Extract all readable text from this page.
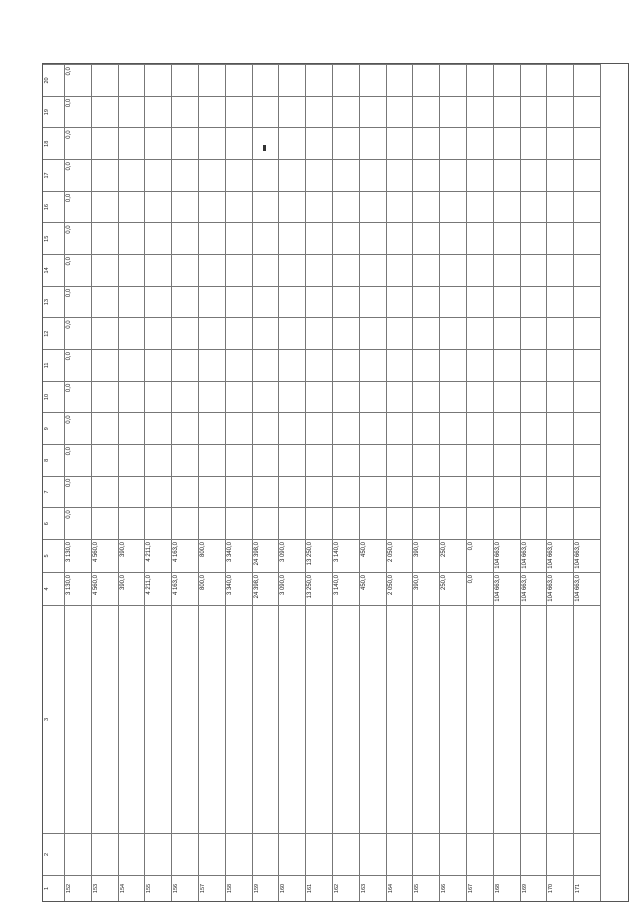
1
2
3
4
5
6
7
8
9
10
11
12
13
14
15
16
17
18
19
20
152
3 130,0
3 130,0
0,0
0,0
0,0
0,0
0,0
0,0
0,0
0,0
0,0
0,0
0,0
0,0
0,0
0,0
0,0
153
4 560,0
4 560,0
154
390,0
390,0
155
4 211,0
4 211,0
156
4 163,0
4 163,0
157
800,0
800,0
158
3 340,0
3 340,0
159
24 398,0
24 398,0
160
3 090,0
3 090,0
161
13 250,0
13 250,0
162
3 140,0
3 140,0
163
450,0
450,0
164
2 050,0
2 050,0
165
390,0
390,0
166
250,0
250,0
167
0,0
0,0
168
104 663,0
104 663,0
169
104 663,0
104 663,0
170
104 663,0
104 663,0
171
104 663,0
104 663,0
